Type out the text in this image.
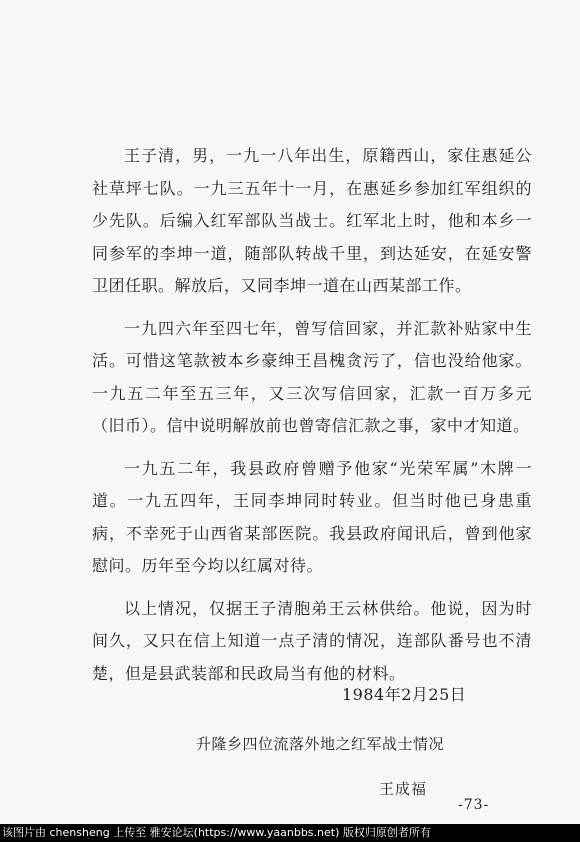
王子清，男，一九一八年出生，原籍西山，家住惠延公社草坪七队。一九三五年十一月，在惠延乡参加红军组织的少先队。后编入红军部队当战士。红军北上时，他和本乡一同参军的李坤一道，随部队转战千里，到达延安，在延安警卫团任职。解放后，又同李坤一道在山西某部工作。

一九四六年至四七年，曾写信回家，并汇款补贴家中生活。可惜这笔款被本乡豪绅王昌槐贪污了，信也没给他家。一九五二年至五三年，又三次写信回家，汇款一百万多元（旧币）。信中说明解放前也曾寄信汇款之事，家中才知道。

一九五二年，我县政府曾赠予他家“光荣军属”木牌一道。一九五四年，王同李坤同时转业。但当时他已身患重病，不幸死于山西省某部医院。我县政府闻讯后，曾到他家慰问。历年至今均以红属对待。

以上情况，仅据王子清胞弟王云林供给。他说，因为时间久，又只在信上知道一点子清的情况，连部队番号也不清楚，但是县武装部和民政局当有他的材料。

1984年2月25日
升隆乡四位流落外地之红军战士情况
王成福
-73-
该图片由 chensheng 上传至 雅安论坛(https://www.yaanbbs.net) 版权归原创者所有
